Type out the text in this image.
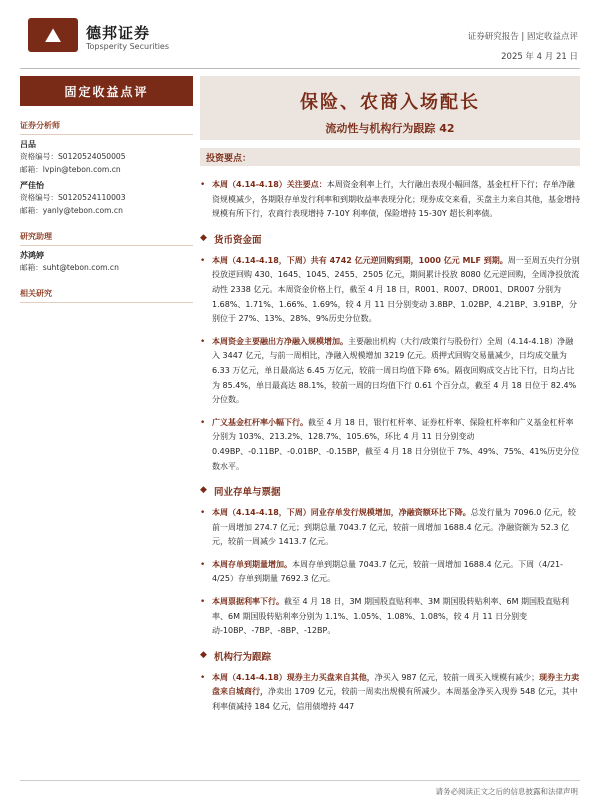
⛰	德邦证券
Topsperity Securities
证券研究报告 | 固定收益点评
2025 年 4 月 21 日
固定收益点评
证券分析师
吕品
资格编号：S0120524050005
邮箱：lvpin@tebon.com.cn
严佳怡
资格编号：S0120524110003
邮箱：yanly@tebon.com.cn
研究助理
苏鸿婷
邮箱：suht@tebon.com.cn
相关研究
保险、农商入场配长
流动性与机构行为跟踪 42
投资要点：
• 本周（4.14-4.18）关注要点：本周资金利率上行，大行融出表现小幅回落，基金杠杆下行；存单净融资规模减少，各期限存单发行利率和到期收益率表现分化；现券成交来看，买盘主力来自其他，基金增持规模有所下行，农商行表现增持 7-10Y 利率债，保险增持 15-30Y 超长利率债。
◆ 货币资金面
• 本周（4.14-4.18，下周）共有 4742 亿元逆回购到期，1000 亿元 MLF 到期。周一至周五央行分别投放逆回购 430、1645、1045、2455、2505 亿元，期间累计投放 8080 亿元逆回购，全周净投放流动性 2338 亿元。本周资金价格上行，截至 4 月 18 日，R001、R007、DR001、DR007 分别为 1.68%、1.71%、1.66%、1.69%，较 4 月 11 日分别变动 3.8BP、1.02BP、4.21BP、3.91BP，分别位于 27%、13%、28%、9%历史分位数。
• 本周资金主要融出方净融入规模增加。主要融出机构（大行/政策行与股份行）全周（4.14-4.18）净融入 3447 亿元，与前一周相比，净融入规模增加 3219 亿元。质押式回购交易量减少，日均成交量为 6.33 万亿元，单日最高达 6.45 万亿元，较前一周日均值下降 6%。隔夜回购成交占比下行，日均占比为 85.4%，单日最高达 88.1%，较前一周的日均值下行 0.61 个百分点，截至 4 月 18 日位于 82.4%分位数。
• 广义基金杠杆率小幅下行。截至 4 月 18 日，银行杠杆率、证券杠杆率、保险杠杆率和广义基金杠杆率分别为 103%、213.2%、128.7%、105.6%，环比 4 月 11 日分别变动 0.49BP、-0.11BP、-0.01BP、-0.15BP，截至 4 月 18 日分别位于 7%、49%、75%、41%历史分位数水平。
◆ 同业存单与票据
• 本周（4.14-4.18，下周）同业存单发行规模增加，净融资额环比下降。总发行量为 7096.0 亿元，较前一周增加 274.7 亿元；到期总量 7043.7 亿元，较前一周增加 1688.4 亿元。净融资额为 52.3 亿元，较前一周减少 1413.7 亿元。
• 本周存单到期量增加。本周存单到期总量 7043.7 亿元，较前一周增加 1688.4 亿元。下周（4/21-4/25）存单到期量 7692.3 亿元。
• 本周票据利率下行。截至 4 月 18 日，3M 期国股直贴利率、3M 期国股转贴利率、6M 期国股直贴利率、6M 期国股转贴利率分别为 1.1%、1.05%、1.08%、1.08%，较 4 月 11 日分别变动-10BP、-7BP、-8BP、-12BP。
◆ 机构行为跟踪
• 本周（4.14-4.18）现券主力买盘来自其他，净买入 987 亿元，较前一周买入规模有减少；现券主力卖盘来自城商行，净卖出 1709 亿元，较前一周卖出规模有所减少。本周基金净买入现券 548 亿元，其中利率债减持 184 亿元，信用债增持 447
请务必阅读正文之后的信息披露和法律声明
